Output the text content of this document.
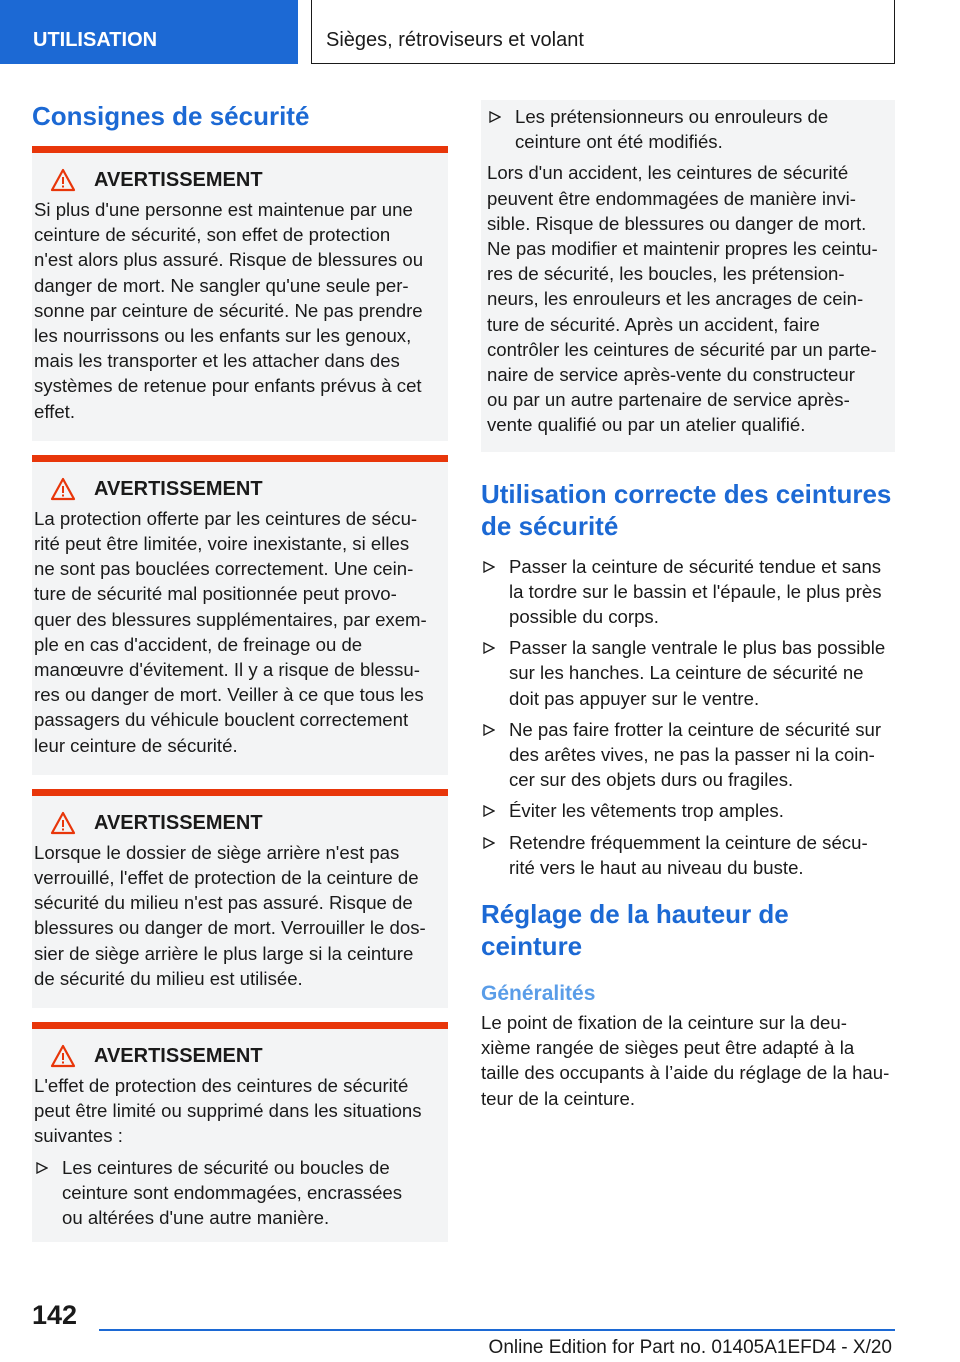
UTILISATION	Sièges, rétroviseurs et volant
Consignes de sécurité
AVERTISSEMENT
Si plus d'une personne est maintenue par une
ceinture de sécurité, son effet de protection
n'est alors plus assuré. Risque de blessures ou
danger de mort. Ne sangler qu'une seule per-
sonne par ceinture de sécurité. Ne pas prendre
les nourrissons ou les enfants sur les genoux,
mais les transporter et les attacher dans des
systèmes de retenue pour enfants prévus à cet
effet.
AVERTISSEMENT
La protection offerte par les ceintures de sécu-
rité peut être limitée, voire inexistante, si elles
ne sont pas bouclées correctement. Une cein-
ture de sécurité mal positionnée peut provo-
quer des blessures supplémentaires, par exem-
ple en cas d'accident, de freinage ou de
manœuvre d'évitement. Il y a risque de blessu-
res ou danger de mort. Veiller à ce que tous les
passagers du véhicule bouclent correctement
leur ceinture de sécurité.
AVERTISSEMENT
Lorsque le dossier de siège arrière n'est pas
verrouillé, l'effet de protection de la ceinture de
sécurité du milieu n'est pas assuré. Risque de
blessures ou danger de mort. Verrouiller le dos-
sier de siège arrière le plus large si la ceinture
de sécurité du milieu est utilisée.
AVERTISSEMENT
L'effet de protection des ceintures de sécurité
peut être limité ou supprimé dans les situations
suivantes :
Les ceintures de sécurité ou boucles de
ceinture sont endommagées, encrassées
ou altérées d'une autre manière.
Les prétensionneurs ou enrouleurs de
ceinture ont été modifiés.
Lors d'un accident, les ceintures de sécurité
peuvent être endommagées de manière invi-
sible. Risque de blessures ou danger de mort.
Ne pas modifier et maintenir propres les ceintu-
res de sécurité, les boucles, les prétension-
neurs, les enrouleurs et les ancrages de cein-
ture de sécurité. Après un accident, faire
contrôler les ceintures de sécurité par un parte-
naire de service après-vente du constructeur
ou par un autre partenaire de service après-
vente qualifié ou par un atelier qualifié.
Utilisation correcte des ceintures
de sécurité
Passer la ceinture de sécurité tendue et sans
la tordre sur le bassin et l'épaule, le plus près
possible du corps.
Passer la sangle ventrale le plus bas possible
sur les hanches. La ceinture de sécurité ne
doit pas appuyer sur le ventre.
Ne pas faire frotter la ceinture de sécurité sur
des arêtes vives, ne pas la passer ni la coin-
cer sur des objets durs ou fragiles.
Éviter les vêtements trop amples.
Retendre fréquemment la ceinture de sécu-
rité vers le haut au niveau du buste.
Réglage de la hauteur de
ceinture
Généralités
Le point de fixation de la ceinture sur la deu-
xième rangée de sièges peut être adapté à la
taille des occupants à l’aide du réglage de la hau-
teur de la ceinture.
142
Online Edition for Part no. 01405A1EFD4 - X/20
